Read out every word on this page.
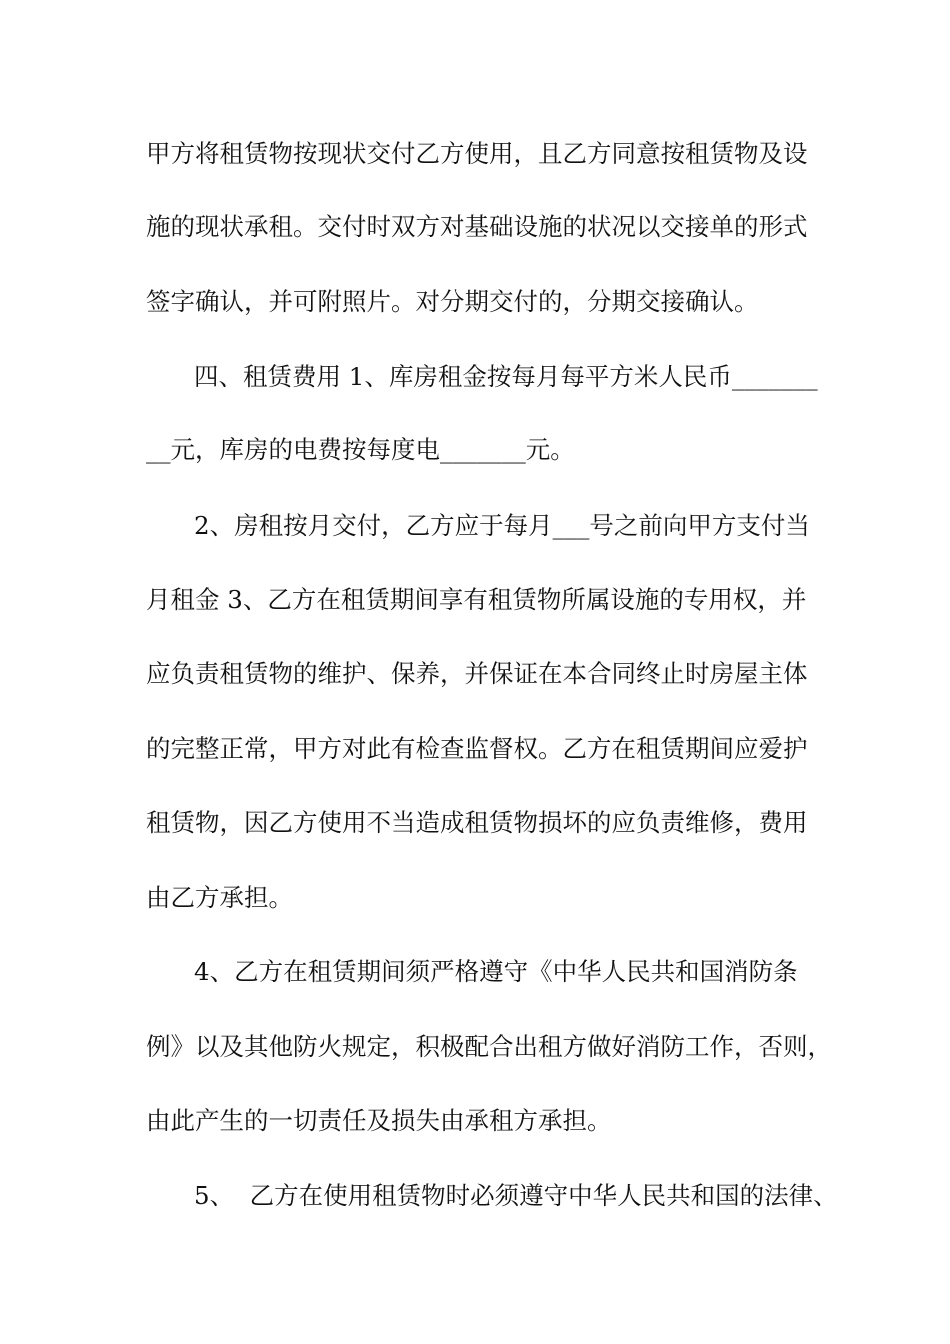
甲方将租赁物按现状交付乙方使用，且乙方同意按租赁物及设
施的现状承租。交付时双方对基础设施的状况以交接单的形式
签字确认，并可附照片。对分期交付的，分期交接确认。
四、租赁费用 1、库房租金按每月每平方米人民币_______
__元，库房的电费按每度电_______元。
2、房租按月交付，乙方应于每月___号之前向甲方支付当
月租金 3、乙方在租赁期间享有租赁物所属设施的专用权，并
应负责租赁物的维护、保养，并保证在本合同终止时房屋主体
的完整正常，甲方对此有检查监督权。乙方在租赁期间应爱护
租赁物，因乙方使用不当造成租赁物损坏的应负责维修，费用
由乙方承担。
4、乙方在租赁期间须严格遵守《中华人民共和国消防条
例》以及其他防火规定，积极配合出租方做好消防工作，否则，
由此产生的一切责任及损失由承租方承担。
5、  乙方在使用租赁物时必须遵守中华人民共和国的法律、
